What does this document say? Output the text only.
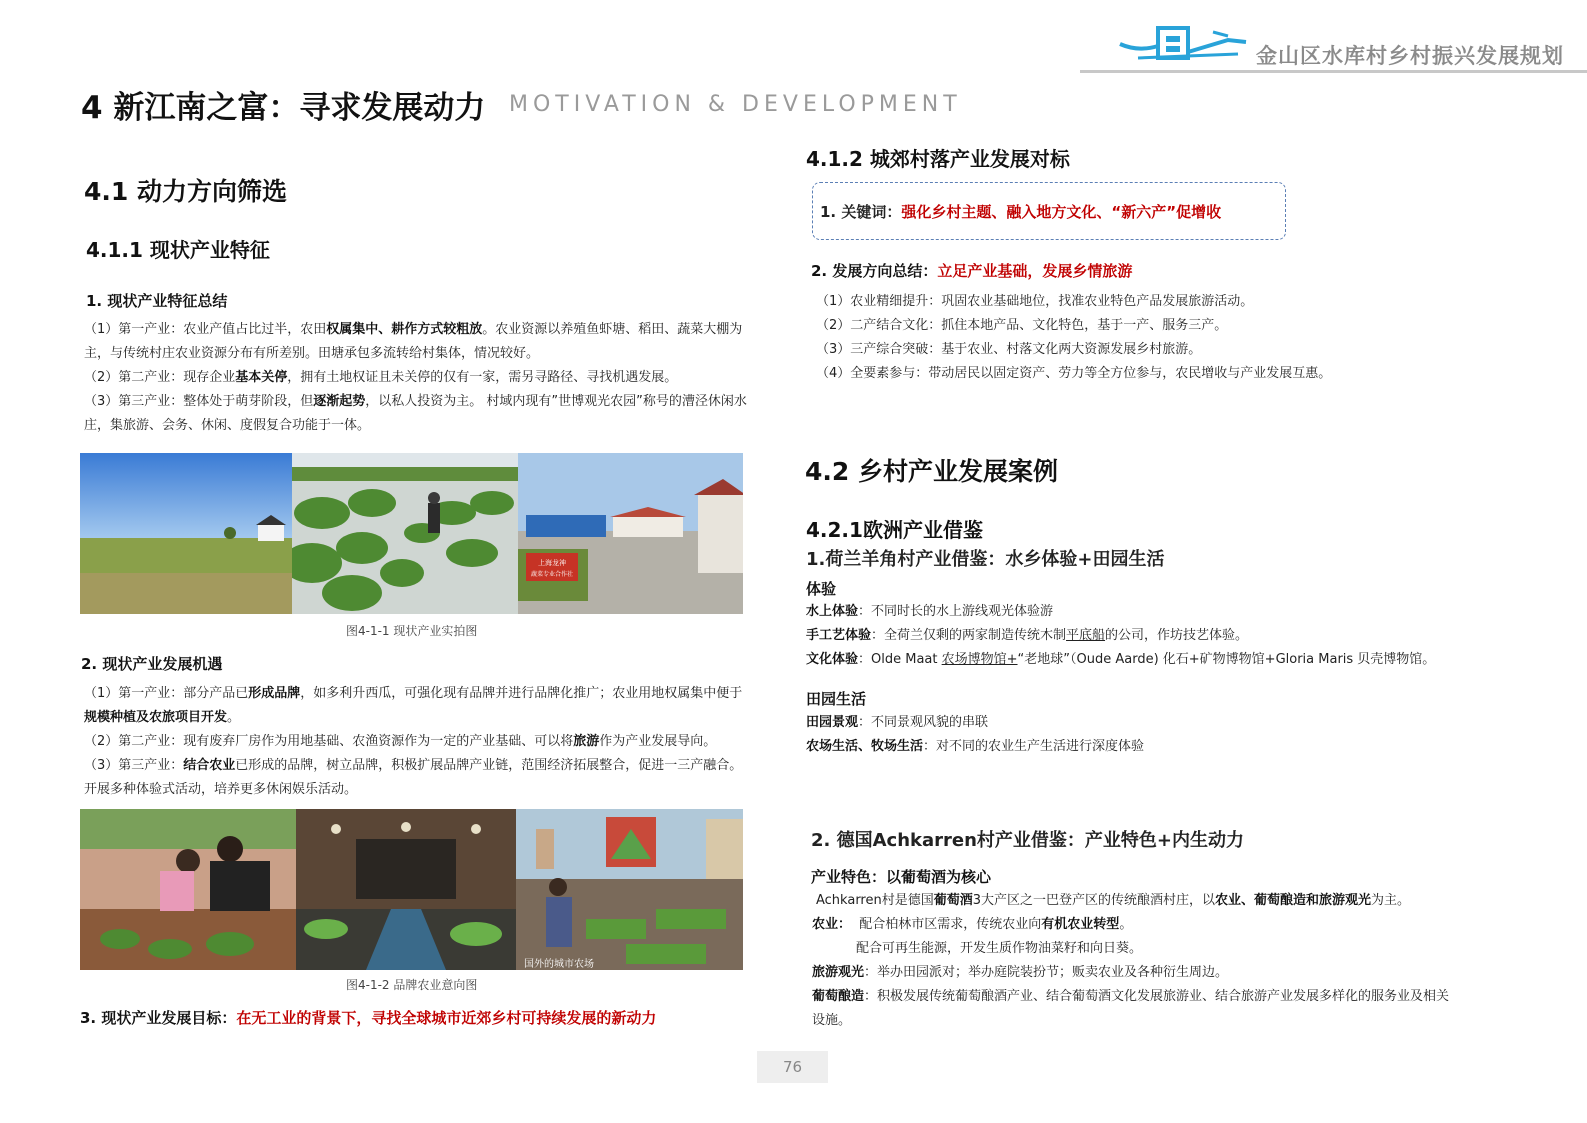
金山区水库村乡村振兴发展规划
4 新江南之富：寻求发展动力 MOTIVATION & DEVELOPMENT
4.1 动力方向筛选
4.1.1 现状产业特征
1. 现状产业特征总结

（1）第一产业：农业产值占比过半，农田权属集中、耕作方式较粗放。农业资源以养殖鱼虾塘、稻田、蔬菜大棚为主，与传统村庄农业资源分布有所差别。田塘承包多流转给村集体，情况较好。

（2）第二产业：现存企业基本关停，拥有土地权证且未关停的仅有一家，需另寻路径、寻找机遇发展。

（3）第三产业：整体处于萌芽阶段，但逐渐起势，以私人投资为主。 村域内现有”世博观光农园”称号的漕泾休闲水庄，集旅游、会务、休闲、度假复合功能于一体。

上海龙神
蔬菜专业合作社
图4-1-1 现状产业实拍图
2. 现状产业发展机遇

（1）第一产业：部分产品已形成品牌，如多利升西瓜，可强化现有品牌并进行品牌化推广；农业用地权属集中便于规模种植及农旅项目开发。

（2）第二产业：现有废弃厂房作为用地基础、农渔资源作为一定的产业基础、可以将旅游作为产业发展导向。

（3）第三产业：结合农业已形成的品牌，树立品牌，积极扩展品牌产业链，范围经济拓展整合，促进一三产融合。开展多种体验式活动，培养更多休闲娱乐活动。

国外的城市农场
图4-1-2 品牌农业意向图
3. 现状产业发展目标：在无工业的背景下，寻找全球城市近郊乡村可持续发展的新动力
4.1.2 城郊村落产业发展对标
1. 关键词：强化乡村主题、融入地方文化、“新六产”促增收
2. 发展方向总结：立足产业基础，发展乡情旅游
（1）农业精细提升：巩固农业基础地位，找准农业特色产品发展旅游活动。
（2）二产结合文化：抓住本地产品、文化特色，基于一产、服务三产。
（3）三产综合突破：基于农业、村落文化两大资源发展乡村旅游。
（4）全要素参与：带动居民以固定资产、劳力等全方位参与，农民增收与产业发展互惠。
4.2 乡村产业发展案例
4.2.1欧洲产业借鉴
1.荷兰羊角村产业借鉴：水乡体验+田园生活
体验
水上体验：不同时长的水上游线观光体验游
手工艺体验：全荷兰仅剩的两家制造传统木制平底船的公司，作坊技艺体验。
文化体验：Olde Maat 农场博物馆+“老地球”（Oude Aarde) 化石+矿物博物馆+Gloria Maris 贝壳博物馆。
田园生活
田园景观：不同景观风貌的串联
农场生活、牧场生活：对不同的农业生产生活进行深度体验
2. 德国Achkarren村产业借鉴：产业特色+内生动力
产业特色：以葡萄酒为核心
Achkarren村是德国葡萄酒3大产区之一巴登产区的传统酿酒村庄，以农业、葡萄酿造和旅游观光为主。
农业： 配合柏林市区需求，传统农业向有机农业转型。
配合可再生能源，开发生质作物油菜籽和向日葵。
旅游观光：举办田园派对；举办庭院装扮节；贩卖农业及各种衍生周边。
葡萄酿造：积极发展传统葡萄酿酒产业、结合葡萄酒文化发展旅游业、结合旅游产业发展多样化的服务业及相关
设施。
76
